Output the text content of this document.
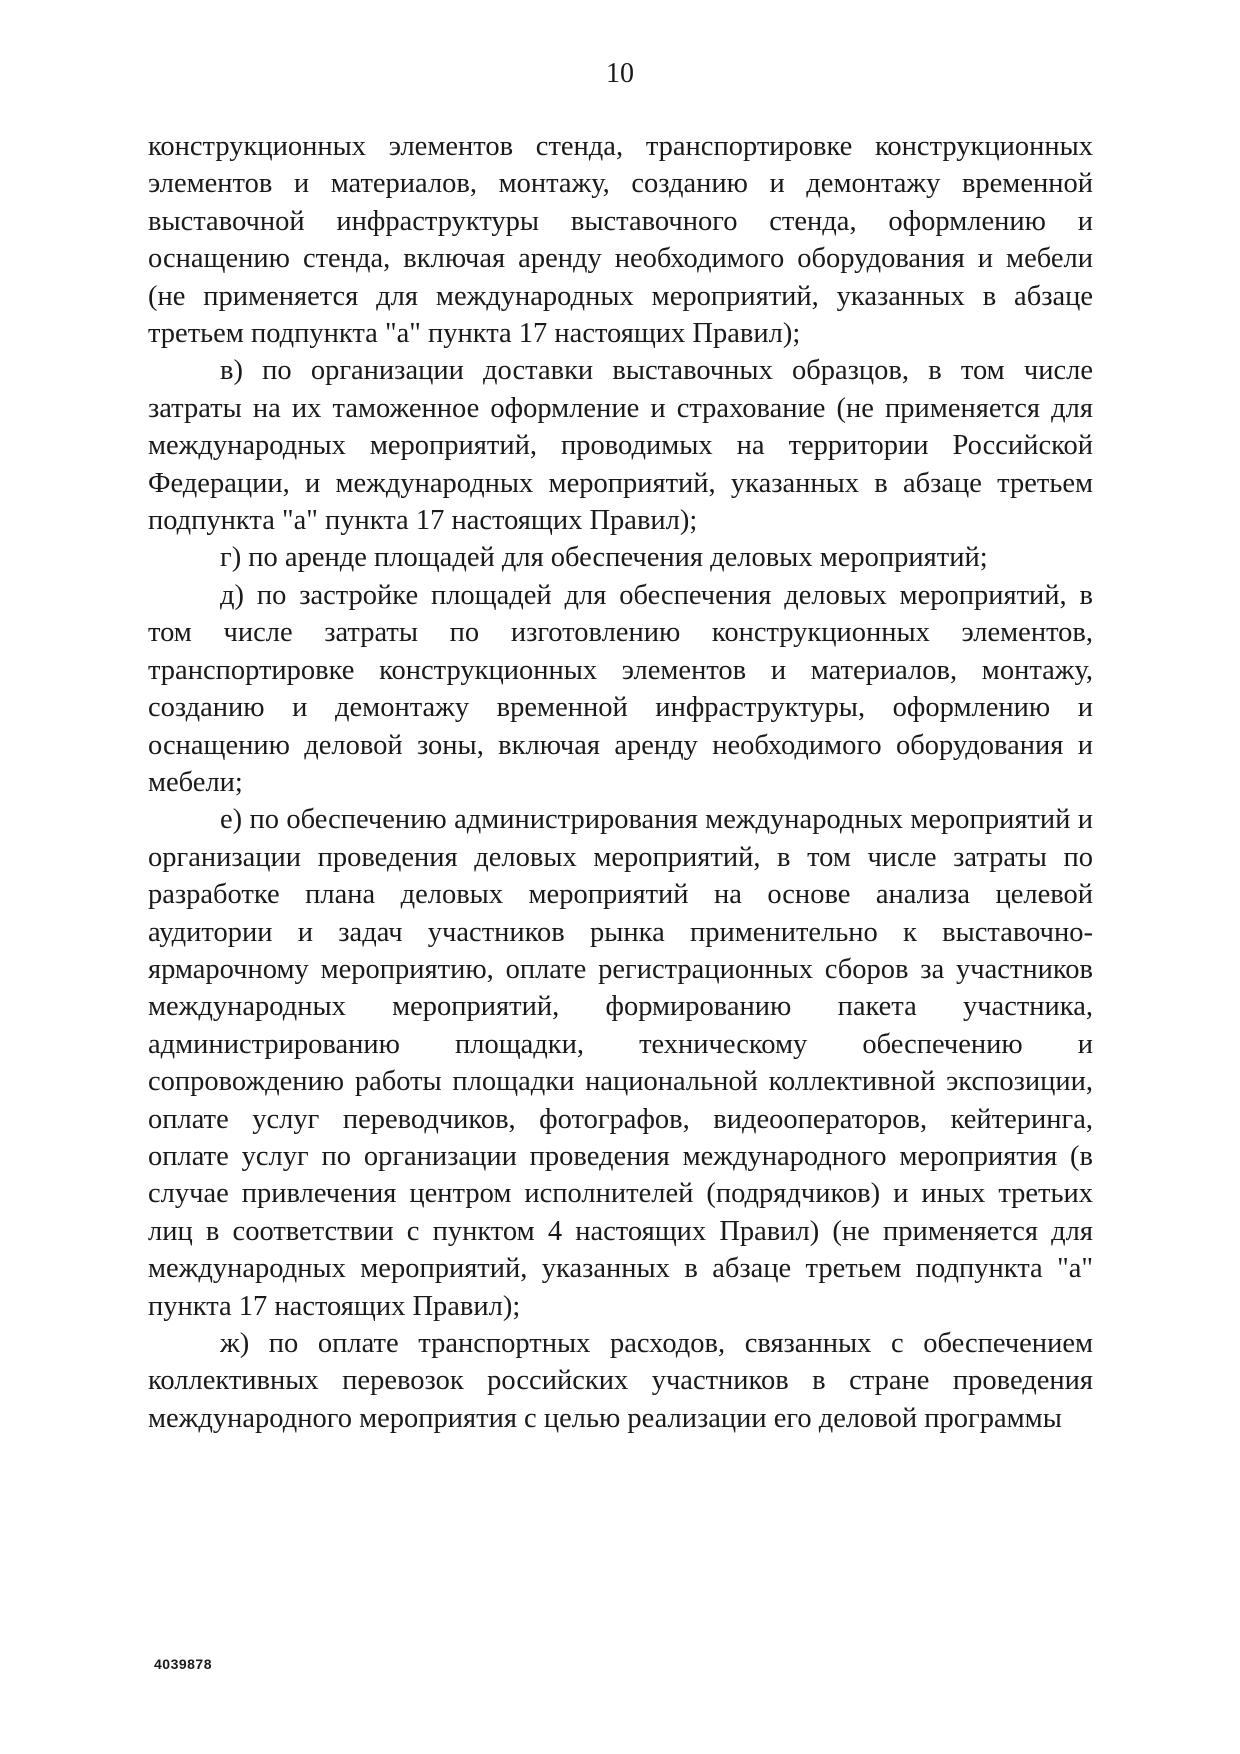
10

конструкционных элементов стенда, транспортировке конструкционных элементов и материалов, монтажу, созданию и демонтажу временной выставочной инфраструктуры выставочного стенда, оформлению и оснащению стенда, включая аренду необходимого оборудования и мебели (не применяется для международных мероприятий, указанных в абзаце третьем подпункта "а" пункта 17 настоящих Правил);

в) по организации доставки выставочных образцов, в том числе затраты на их таможенное оформление и страхование (не применяется для международных мероприятий, проводимых на территории Российской Федерации, и международных мероприятий, указанных в абзаце третьем подпункта "а" пункта 17 настоящих Правил);

г) по аренде площадей для обеспечения деловых мероприятий;

д) по застройке площадей для обеспечения деловых мероприятий, в том числе затраты по изготовлению конструкционных элементов, транспортировке конструкционных элементов и материалов, монтажу, созданию и демонтажу временной инфраструктуры, оформлению и оснащению деловой зоны, включая аренду необходимого оборудования и мебели;

е) по обеспечению администрирования международных мероприятий и организации проведения деловых мероприятий, в том числе затраты по разработке плана деловых мероприятий на основе анализа целевой аудитории и задач участников рынка применительно к выставочно-ярмарочному мероприятию, оплате регистрационных сборов за участников международных мероприятий, формированию пакета участника, администрированию площадки, техническому обеспечению и сопровождению работы площадки национальной коллективной экспозиции, оплате услуг переводчиков, фотографов, видеооператоров, кейтеринга, оплате услуг по организации проведения международного мероприятия (в случае привлечения центром исполнителей (подрядчиков) и иных третьих лиц в соответствии с пунктом 4 настоящих Правил) (не применяется для международных мероприятий, указанных в абзаце третьем подпункта "а" пункта 17 настоящих Правил);

ж) по оплате транспортных расходов, связанных с обеспечением коллективных перевозок российских участников в стране проведения международного мероприятия с целью реализации его деловой программы

4039878
